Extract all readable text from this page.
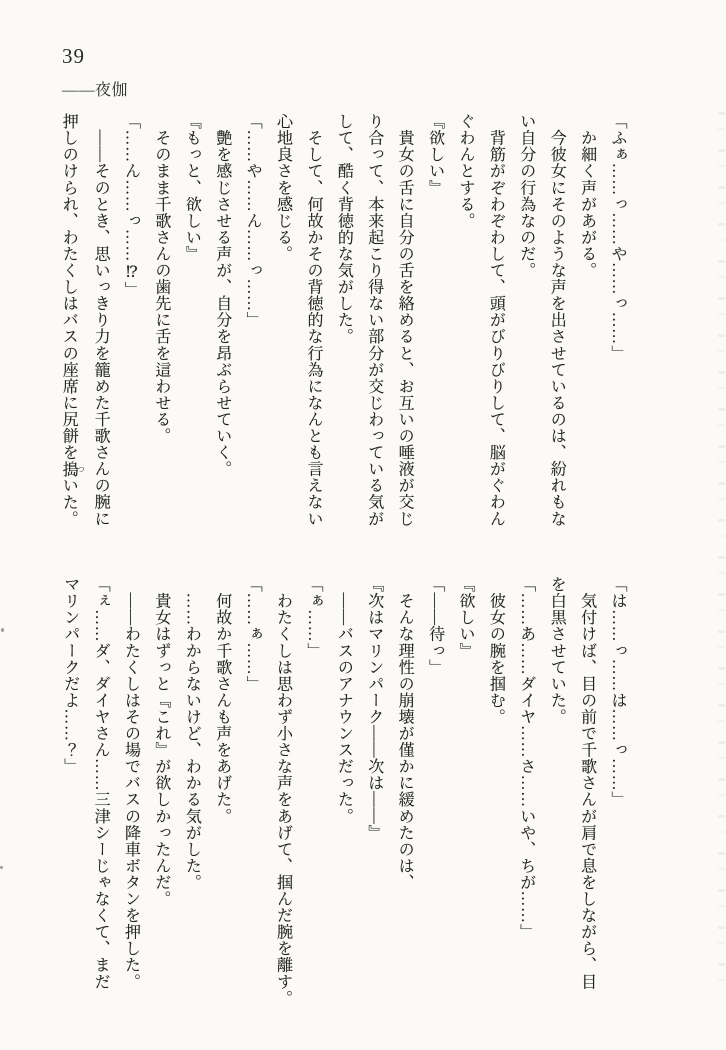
39
——夜伽

「ふぁ……っ……や……っ……」

　か細く声があがる。

　今彼女にそのような声を出させているのは、紛れもな

い自分の行為なのだ。

　背筋がぞわぞわして、頭がびりびりして、脳がぐわん

ぐわんとする。

『欲しい』

　貴女の舌に自分の舌を絡めると、お互いの唾液が交じ

り合って、本来起こり得ない部分が交じわっている気が

して、酷く背徳的な気がした。

　そして、何故かその背徳的な行為になんとも言えない

心地良さを感じる。

「……や……ん……っ……」

　艶を感じさせる声が、自分を昂ぶらせていく。

『もっと、欲しい』

　そのまま千歌さんの歯先に舌を這わせる。

「……ん……っ……⁉」

　——そのとき、思いっきり力を籠めた千歌さんの腕に

押しのけられ、わたくしはバスの座席に尻餅を搗 ついた。

「は……っ……は……っ……」

　気付けば、目の前で千歌さんが肩で息をしながら、目

を白黒させていた。

「……あ……ダイヤ……さ……いや、ちが……」

　彼女の腕を掴む。

『欲しい』

「——待っ」

　そんな理性の崩壊が僅かに緩めたのは、

『次はマリンパーク——次は——』

　——バスのアナウンスだった。

「ぁ……」

　わたくしは思わず小さな声をあげて、掴んだ腕を離す。

「……ぁ……」

　何故か千歌さんも声をあげた。

　……わからないけど、わかる気がした。

　貴女はずっと『これ』が欲しかったんだ。

　——わたくしはその場でバスの降車ボタンを押した。

「ぇ……ダ、ダイヤさん……三津シーじゃなくて、まだ

マリンパークだよ……？」
